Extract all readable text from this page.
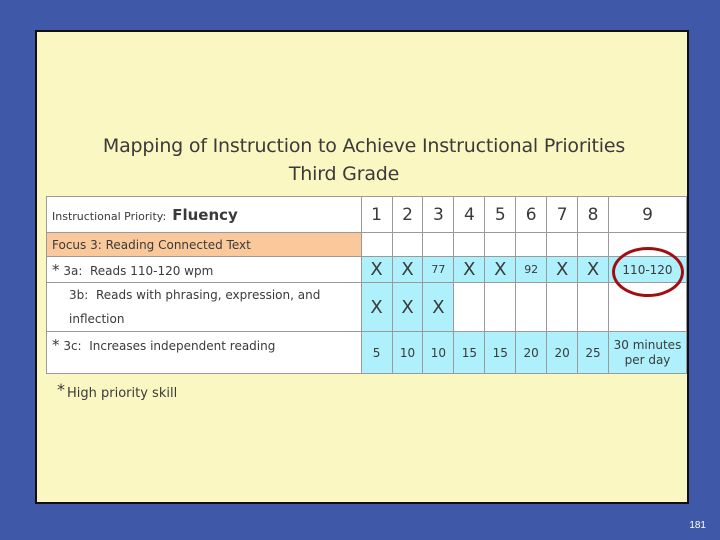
Mapping of Instruction to Achieve Instructional Priorities
Third Grade
Instructional Priority: Fluency	1	2	3	4	5	6	7	8	9
Focus 3: Reading Connected Text									
* 3a: Reads 110-120 wpm	X	X	77	X	X	92	X	X	110-120
3b: Reads with phrasing, expression, and inflection	X	X	X						
* 3c: Increases independent reading	5	10	10	15	15	20	20	25	30 minutes per day
* High priority skill
181
